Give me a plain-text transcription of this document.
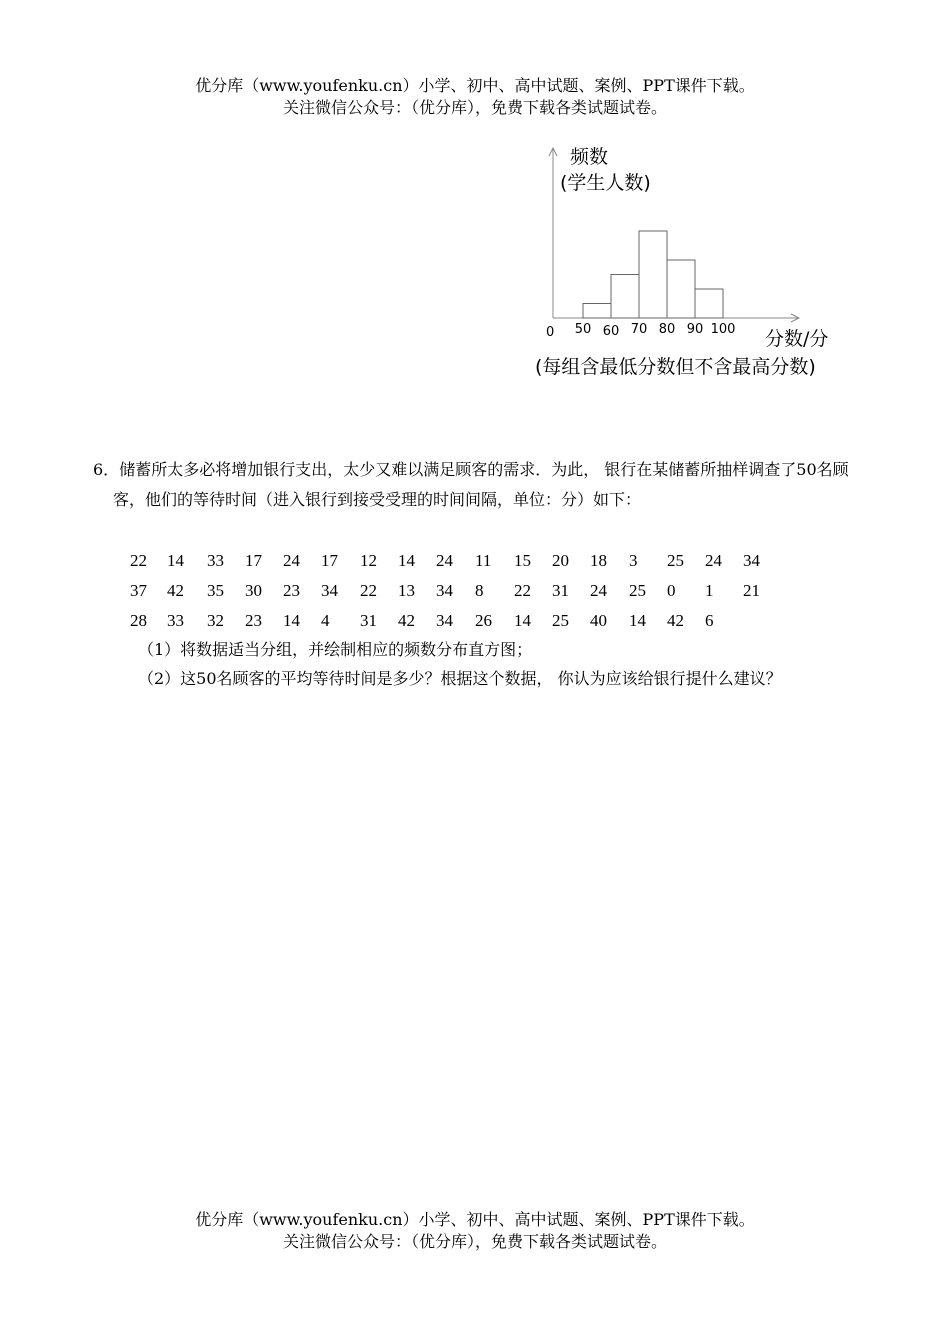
优分库（www.youfenku.cn）小学、初中、高中试题、案例、PPT课件下载。
关注微信公众号：（优分库），免费下载各类试题试卷。
50 60 70 80 90 100
频数
(学生人数)
0	分数/分
(每组含最低分数但不含最高分数)
6．储蓄所太多必将增加银行支出，太少又难以满足顾客的需求．为此， 银行在某储蓄所抽样调查了50名顾客，他们的等待时间（进入银行到接受受理的时间间隔，单位：分）如下：
22 14 33 17 24 17 12 14 24 11 15 20 18 3 25 24 34
37 42 35 30 23 34 22 13 34 8 22 31 24 25 0 1 21
28 33 32 23 14 4 31 42 34 26 14 25 40 14 42 6
（1）将数据适当分组，并绘制相应的频数分布直方图；
（2）这50名顾客的平均等待时间是多少？根据这个数据， 你认为应该给银行提什么建议？
优分库（www.youfenku.cn）小学、初中、高中试题、案例、PPT课件下载。
关注微信公众号：（优分库），免费下载各类试题试卷。
